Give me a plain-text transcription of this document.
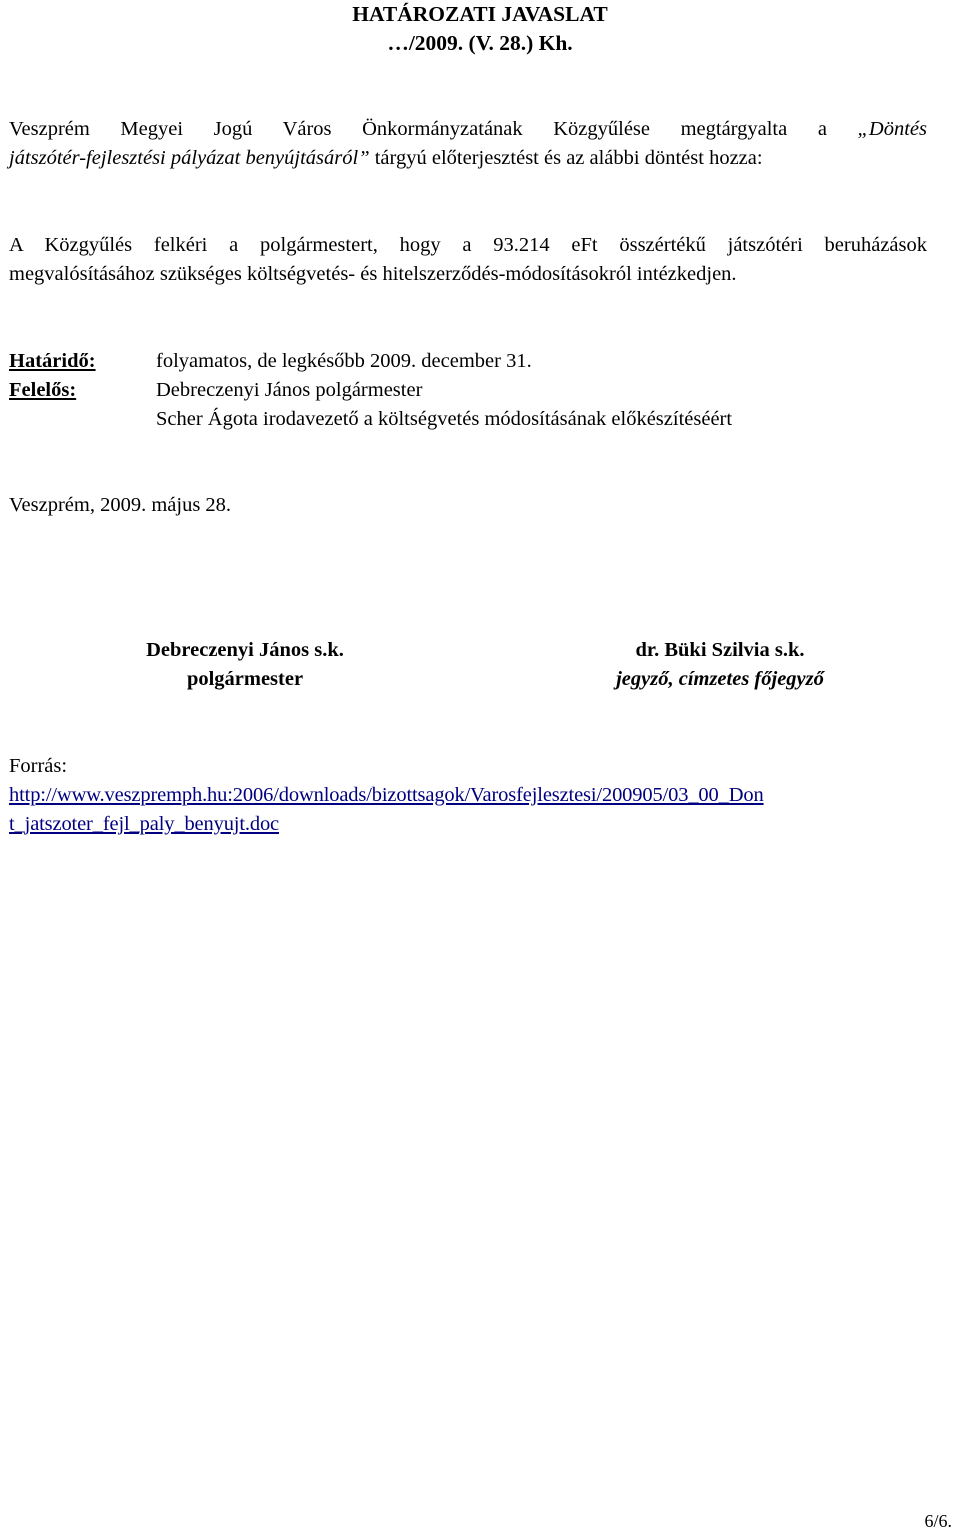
HATÁROZATI JAVASLAT
…/2009. (V. 28.) Kh.
Veszprém Megyei Jogú Város Önkormányzatának Közgyűlése megtárgyalta a „Döntés
játszótér-fejlesztési pályázat benyújtásáról” tárgyú előterjesztést és az alábbi döntést hozza:
A Közgyűlés felkéri a polgármestert, hogy a 93.214 eFt összértékű játszótéri beruházások
megvalósításához szükséges költségvetés- és hitelszerződés-módosításokról intézkedjen.
Határidő:	folyamatos, de legkésőbb 2009. december 31.
Felelős:	Debreczenyi János polgármester
Scher Ágota irodavezető a költségvetés módosításának előkészítéséért
Veszprém, 2009. május 28.
Debreczenyi János s.k.
polgármester
dr. Büki Szilvia s.k.
jegyző, címzetes főjegyző
Forrás:
http://www.veszpremph.hu:2006/downloads/bizottsagok/Varosfejlesztesi/200905/03_00_Don
t_jatszoter_fejl_paly_benyujt.doc
6/6.
